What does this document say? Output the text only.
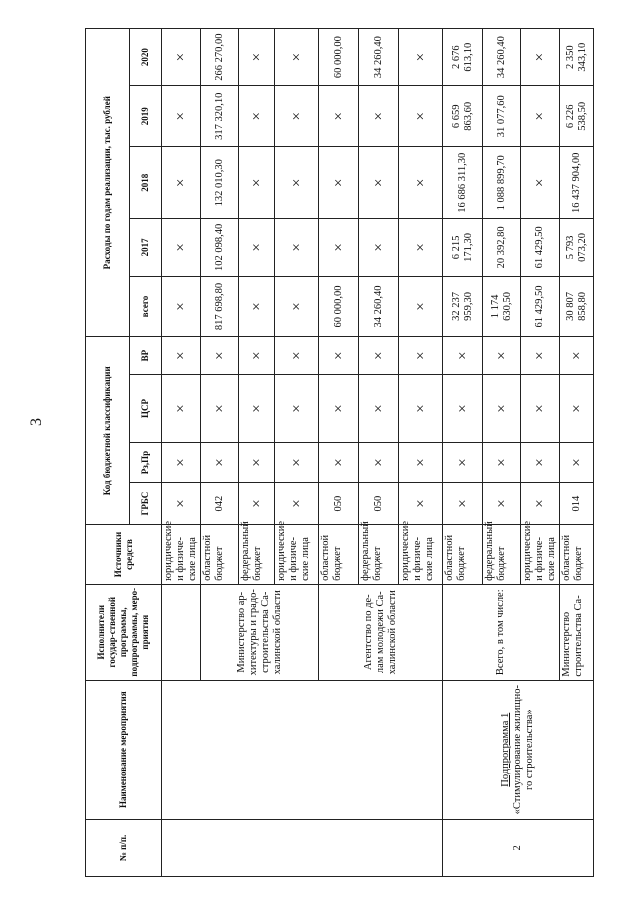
3
№ п/п.	Наименование мероприятия	Исполнители государ-ственной программы, подпрограммы, меро-приятия	Источники средств	Код бюджетной классификации				Расходы по годам реализации, тыс. рублей				
				ГРБС	Рз,Пр	ЦСР	ВР	всего	2017	2018	2019	2020
			юридические и физиче-ские лица	×	×	×	×	×	×	×	×	×
		Министерство ар-хитектуры и градо-строительства Са-халинской области	областной бюджет	042	×	×	×	817 698,80	102 098,40	132 010,30	317 320,10	266 270,00
			федеральный бюджет	×	×	×	×	×	×	×	×	×
			юридические и физиче-ские лица	×	×	×	×	×	×	×	×	×
		Агентство по де-лам молодежи Са-халинской области	областной бюджет	050	×	×	×	60 000,00	×	×	×	60 000,00
			федеральный бюджет	050	×	×	×	34 260,40	×	×	×	34 260,40
			юридические и физиче-ские лица	×	×	×	×	×	×	×	×	×
2	Подпрограмма 1 «Стимулирование жилищно-го строительства»	Всего, в том числе:	областной бюджет	×	×	×	×	32 237 959,30	6 215 171,30	16 686 311,30	6 659 863,60	2 676 613,10
			федеральный бюджет	×	×	×	×	1 174 630,50	20 392,80	1 088 899,70	31 077,60	34 260,40
			юридические и физиче-ские лица	×	×	×	×	61 429,50	61 429,50	×	×	×
		Министерство строительства Са-	областной бюджет	014	×	×	×	30 807 858,80	5 793 073,20	16 437 904,00	6 226 538,50	2 350 343,10
